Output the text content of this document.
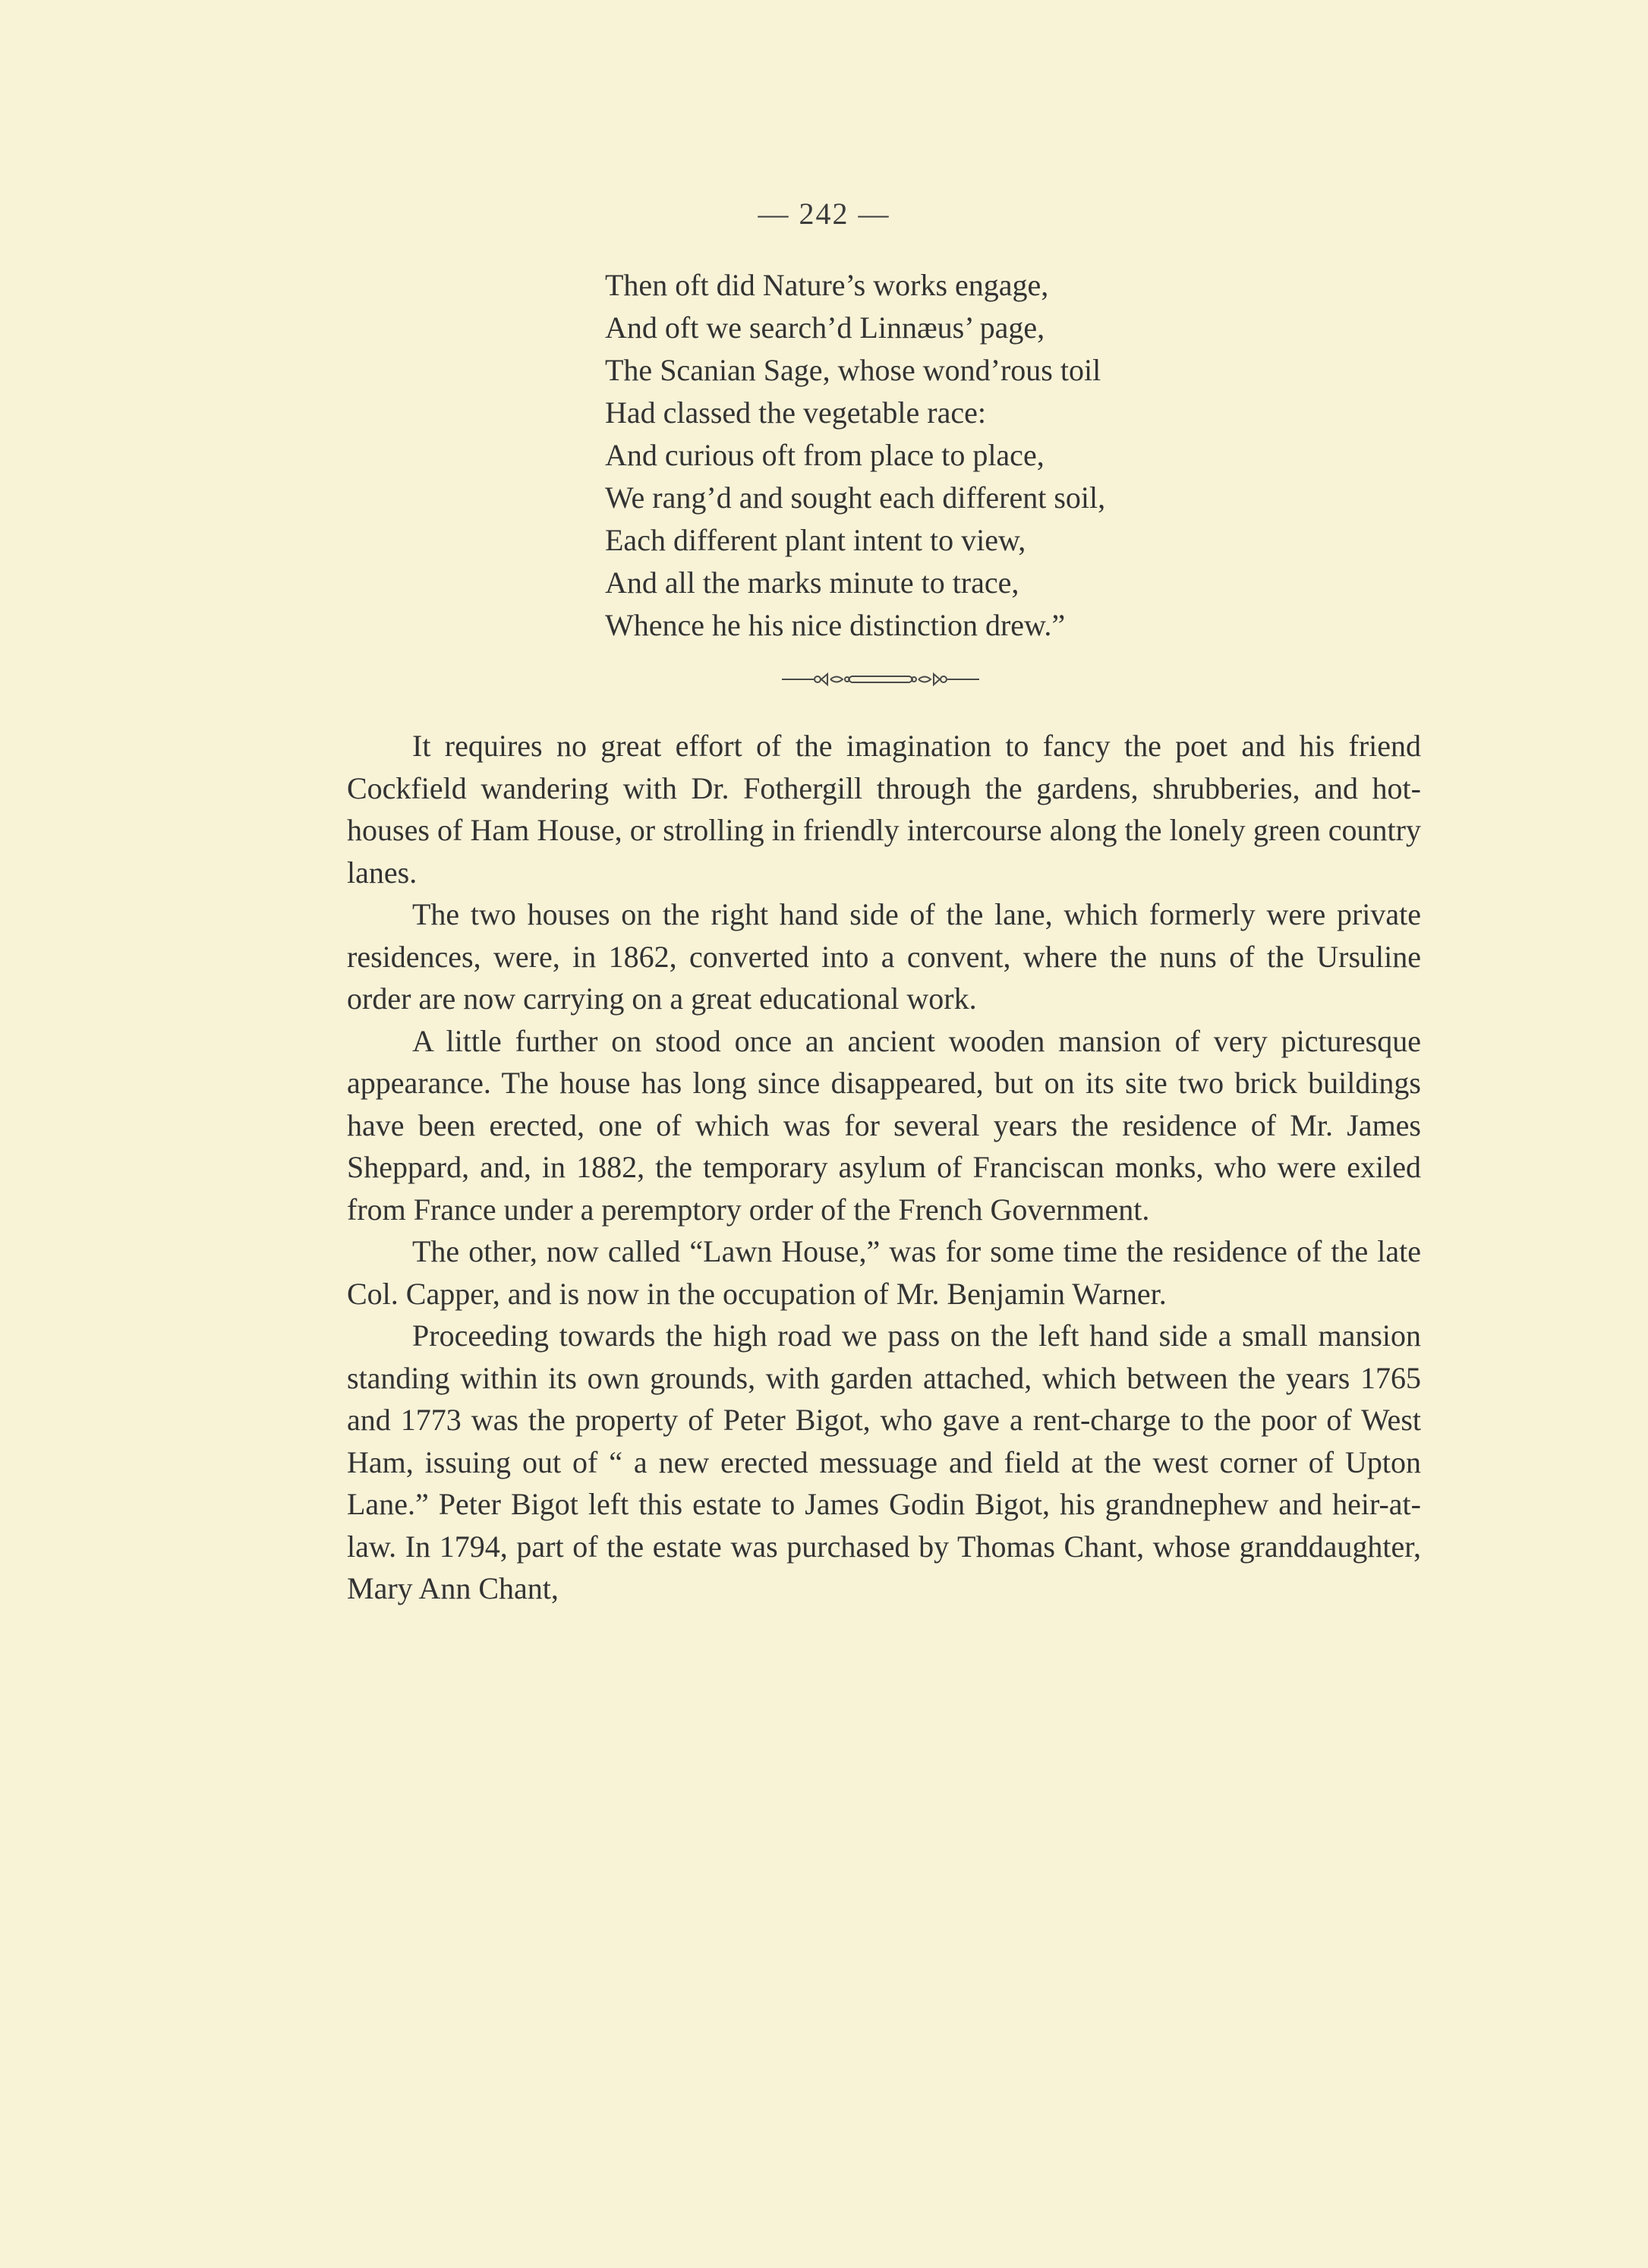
— 242 —
Then oft did Nature’s works engage,
And oft we search’d Linnæus’ page,
The Scanian Sage, whose wond’rous toil
Had classed the vegetable race:
And curious oft from place to place,
We rang’d and sought each different soil,
Each different plant intent to view,
And all the marks minute to trace,
Whence he his nice distinction drew.”

It requires no great effort of the imagination to fancy the poet and his friend Cockfield wandering with Dr. Fothergill through the gardens, shrubberies, and hot-houses of Ham House, or strolling in friendly intercourse along the lonely green country lanes.

The two houses on the right hand side of the lane, which formerly were private residences, were, in 1862, converted into a convent, where the nuns of the Ursuline order are now carrying on a great educational work.

A little further on stood once an ancient wooden mansion of very picturesque appearance. The house has long since disappeared, but on its site two brick buildings have been erected, one of which was for several years the residence of Mr. James Sheppard, and, in 1882, the temporary asylum of Franciscan monks, who were exiled from France under a peremptory order of the French Government.

The other, now called “Lawn House,” was for some time the residence of the late Col. Capper, and is now in the occupation of Mr. Benjamin Warner.

Proceeding towards the high road we pass on the left hand side a small mansion standing within its own grounds, with garden attached, which between the years 1765 and 1773 was the property of Peter Bigot, who gave a rent-charge to the poor of West Ham, issuing out of “ a new erected messuage and field at the west corner of Upton Lane.” Peter Bigot left this estate to James Godin Bigot, his grandnephew and heir-at-law. In 1794, part of the estate was purchased by Thomas Chant, whose granddaughter, Mary Ann Chant,
